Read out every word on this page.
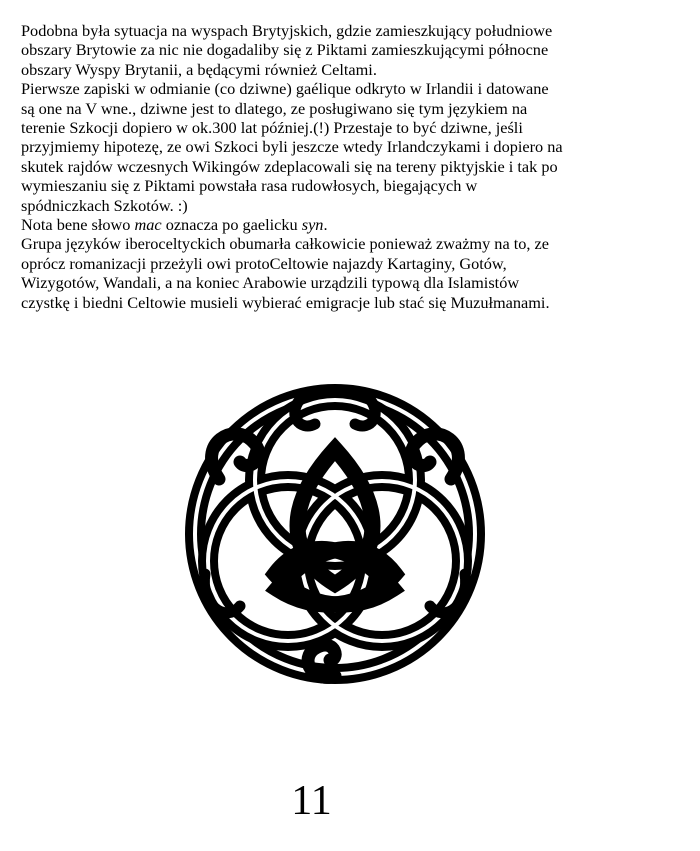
Podobna była sytuacja na wyspach Brytyjskich, gdzie zamieszkujący południowe

obszary Brytowie za nic nie dogadaliby się z Piktami zamieszkującymi północne

obszary Wyspy Brytanii, a będącymi również Celtami.

Pierwsze zapiski w odmianie (co dziwne) gaélique odkryto w Irlandii i datowane

są one na V wne., dziwne jest to dlatego, ze posługiwano się tym językiem na

terenie Szkocji dopiero w ok.300 lat później.(!) Przestaje to być dziwne, jeśli

przyjmiemy hipotezę, ze owi Szkoci byli jeszcze wtedy Irlandczykami i dopiero na

skutek rajdów wczesnych Wikingów zdeplacowali się na tereny piktyjskie i tak po

wymieszaniu się z Piktami powstała rasa rudowłosych, biegających w

spódniczkach Szkotów. :)

Nota bene słowo mac oznacza po gaelicku syn.

Grupa języków iberoceltyckich obumarła całkowicie ponieważ zważmy na to, ze

oprócz romanizacji przeżyli owi protoCeltowie najazdy Kartaginy, Gotów,

Wizygotów, Wandali, a na koniec Arabowie urządzili typową dla Islamistów

czystkę i biedni Celtowie musieli wybierać emigracje lub stać się Muzułmanami.

11
